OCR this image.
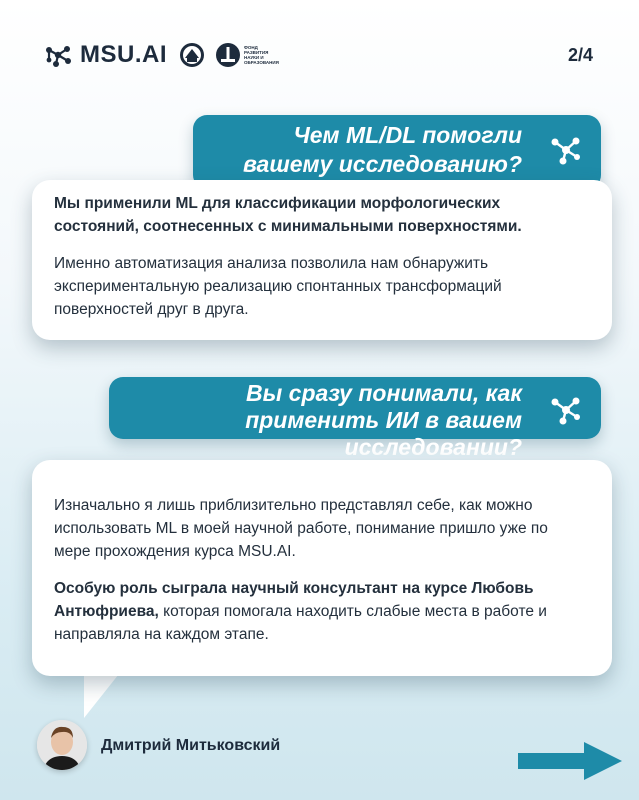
MSU.AI	ФОНД РАЗВИТИЯ НАУКИ И ОБРАЗОВАНИЯ	2/4
Чем ML/DL помогли вашему исследованию?

Мы применили ML для классификации морфологических состояний, соотнесенных с минимальными поверхностями.

Именно автоматизация анализа позволила нам обнаружить экспериментальную реализацию спонтанных трансформаций поверхностей друг в друга.

Вы сразу понимали, как применить ИИ в вашем исследовании?

Изначально я лишь приблизительно представлял себе, как можно использовать ML в моей научной работе, понимание пришло уже по мере прохождения курса MSU.AI.

Особую роль сыграла научный консультант на курсе Любовь Антюфриева, которая помогала находить слабые места в работе и направляла на каждом этапе.

Дмитрий Митьковский
